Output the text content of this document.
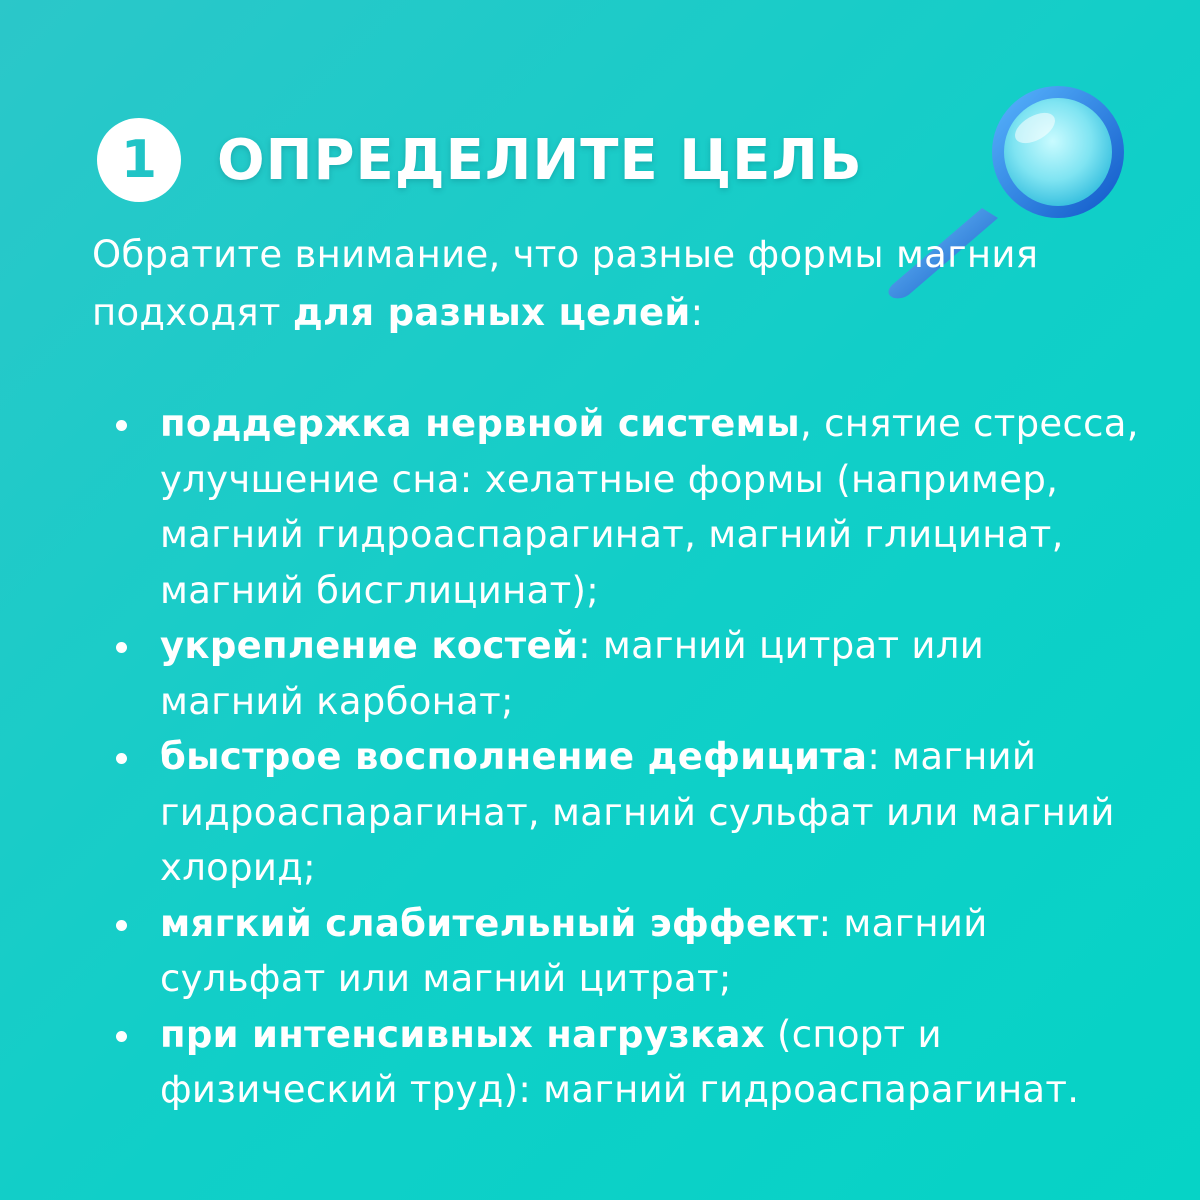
1	ОПРЕДЕЛИТЕ ЦЕЛЬ
Обратите внимание, что разные формы магния
подходят для разных целей:
поддержка нервной системы, снятие стресса,
улучшение сна: хелатные формы (например,
магний гидроаспарагинат, магний глицинат,
магний бисглицинат);
укрепление костей: магний цитрат или
магний карбонат;
быстрое восполнение дефицита: магний
гидроаспарагинат, магний сульфат или магний
хлорид;
мягкий слабительный эффект: магний
сульфат или магний цитрат;
при интенсивных нагрузках (спорт и
физический труд): магний гидроаспарагинат.
